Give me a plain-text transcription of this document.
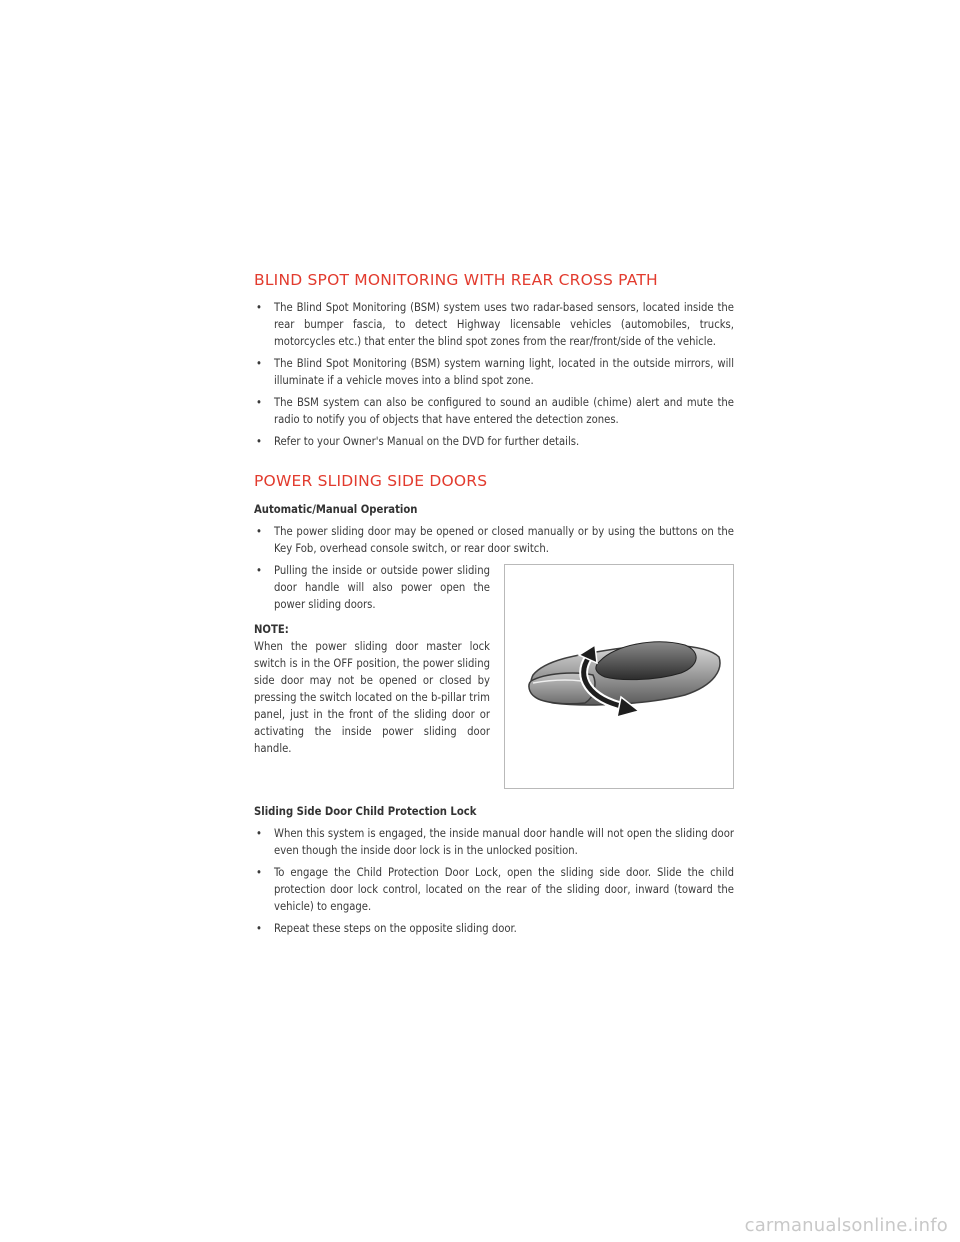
BLIND SPOT MONITORING WITH REAR CROSS PATH
• The Blind Spot Monitoring (BSM) system uses two radar-based sensors, located inside the rear bumper fascia, to detect Highway licensable vehicles (automobiles, trucks, motorcycles etc.) that enter the blind spot zones from the rear/front/side of the vehicle.
• The Blind Spot Monitoring (BSM) system warning light, located in the outside mirrors, will illuminate if a vehicle moves into a blind spot zone.
• The BSM system can also be configured to sound an audible (chime) alert and mute the radio to notify you of objects that have entered the detection zones.
• Refer to your Owner's Manual on the DVD for further details.
POWER SLIDING SIDE DOORS

Automatic/Manual Operation

• The power sliding door may be opened or closed manually or by using the buttons on the Key Fob, overhead console switch, or rear door switch.
• Pulling the inside or outside power sliding door handle will also power open the power sliding doors.

NOTE:

When the power sliding door master lock switch is in the OFF position, the power sliding side door may not be opened or closed by pressing the switch located on the b-pillar trim panel, just in the front of the sliding door or activating the inside power sliding door handle.

Sliding Side Door Child Protection Lock

• When this system is engaged, the inside manual door handle will not open the sliding door even though the inside door lock is in the unlocked position.
• To engage the Child Protection Door Lock, open the sliding side door. Slide the child protection door lock control, located on the rear of the sliding door, inward (toward the vehicle) to engage.
• Repeat these steps on the opposite sliding door.
carmanualsonline.info
